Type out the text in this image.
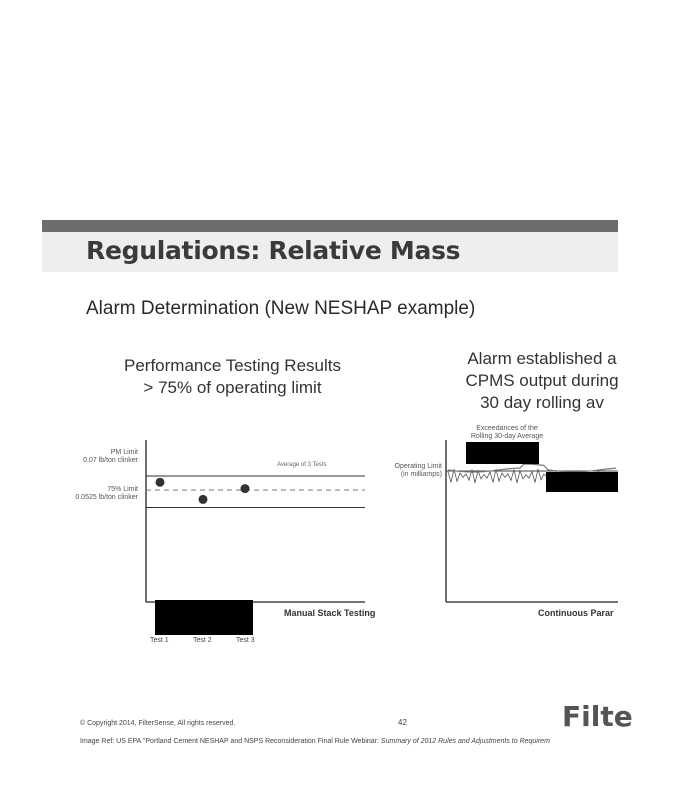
Regulations: Relative Mass
Alarm Determination (New NESHAP example)
Performance Testing Results
> 75% of operating limit
Alarm established a
CPMS output during
30 day rolling av
PM Limit
0.07 lb/ton clinker
75% Limit
0.0525 lb/ton clinker
Average of 3 Tests
Manual Stack Testing
Test 1	Test 2	Test 3
Exceedances of the
Rolling 30-day Average
Operating Limit
(in milliamps)
Continuous Parar
© Copyright 2014, FilterSense, All rights reserved.	42	Filte
Image Ref: US EPA "Portland Cement NESHAP and NSPS Reconsideration Final Rule Webinar: Summary of 2012 Rules and Adjustments to Requirem
